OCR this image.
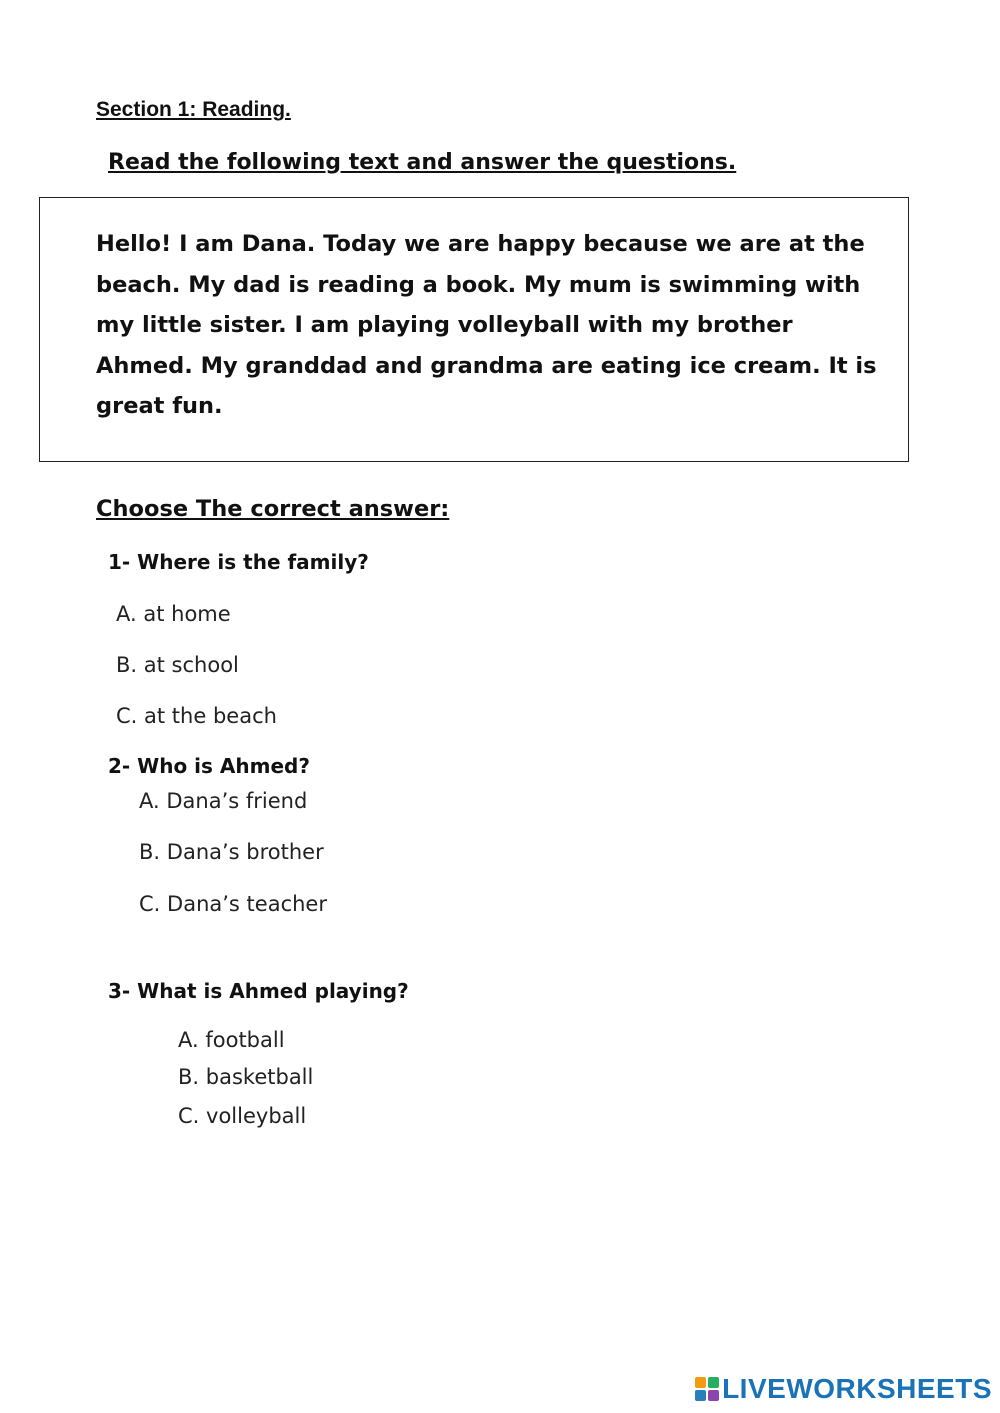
Section 1: Reading.
Read the following text and answer the questions.
Hello! I am Dana. Today we are happy because we are at the beach. My dad is reading a book. My mum is swimming with my little sister. I am playing volleyball with my brother Ahmed. My granddad and grandma are eating ice cream. It is great fun.
Choose The correct answer:
1- Where is the family?
A. at home
B. at school
C. at the beach
2- Who is Ahmed?
A. Dana’s friend
B. Dana’s brother
C. Dana’s teacher
3- What is Ahmed playing?
A. football
B. basketball
C. volleyball
LIVEWORKSHEETS
